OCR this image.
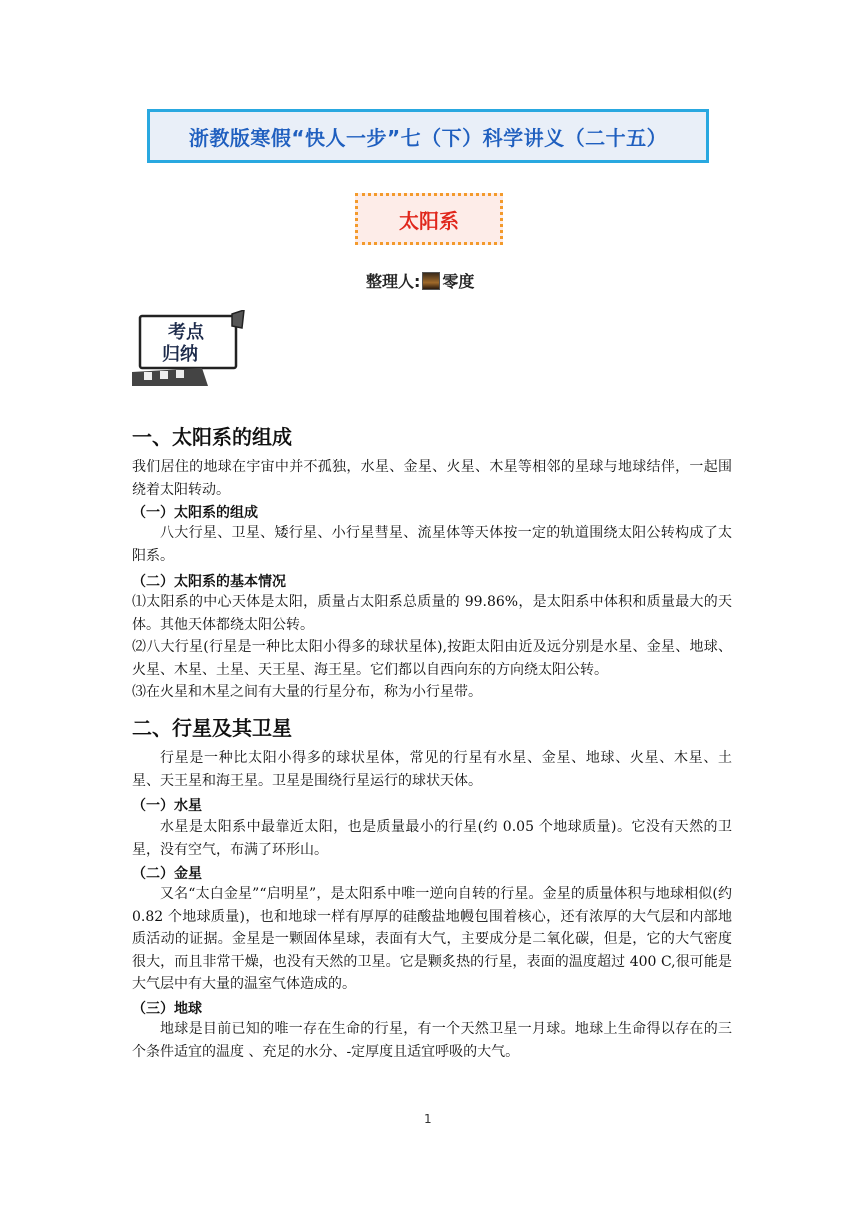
浙教版寒假“快人一步”七（下）科学讲义（二十五）
太阳系
整理人: 零度
考点
归纳
一、太阳系的组成
我们居住的地球在宇宙中并不孤独，水星、金星、火星、木星等相邻的星球与地球结伴，一起围绕着太阳转动。
（一）太阳系的组成
八大行星、卫星、矮行星、小行星彗星、流星体等天体按一定的轨道围绕太阳公转构成了太阳系。
（二）太阳系的基本情况
⑴太阳系的中心天体是太阳，质量占太阳系总质量的 99.86%，是太阳系中体积和质量最大的天体。其他天体都绕太阳公转。
⑵八大行星(行星是一种比太阳小得多的球状星体),按距太阳由近及远分别是水星、金星、地球、火星、木星、土星、天王星、海王星。它们都以自西向东的方向绕太阳公转。
⑶在火星和木星之间有大量的行星分布，称为小行星带。
二、行星及其卫星
行星是一种比太阳小得多的球状星体，常见的行星有水星、金星、地球、火星、木星、土星、天王星和海王星。卫星是围绕行星运行的球状天体。
（一）水星
水星是太阳系中最靠近太阳，也是质量最小的行星(约 0.05 个地球质量)。它没有天然的卫星，没有空气，布满了环形山。
（二）金星
又名“太白金星”“启明星”，是太阳系中唯一逆向自转的行星。金星的质量体积与地球相似(约 0.82 个地球质量)，也和地球一样有厚厚的硅酸盐地幔包围着核心，还有浓厚的大气层和内部地质活动的证据。金星是一颗固体星球，表面有大气，主要成分是二氧化碳，但是，它的大气密度很大，而且非常干燥，也没有天然的卫星。它是颗炙热的行星，表面的温度超过 400 C,很可能是大气层中有大量的温室气体造成的。
（三）地球
地球是目前已知的唯一存在生命的行星，有一个天然卫星一月球。地球上生命得以存在的三个条件适宜的温度 、充足的水分、-定厚度且适宜呼吸的大气。
1
